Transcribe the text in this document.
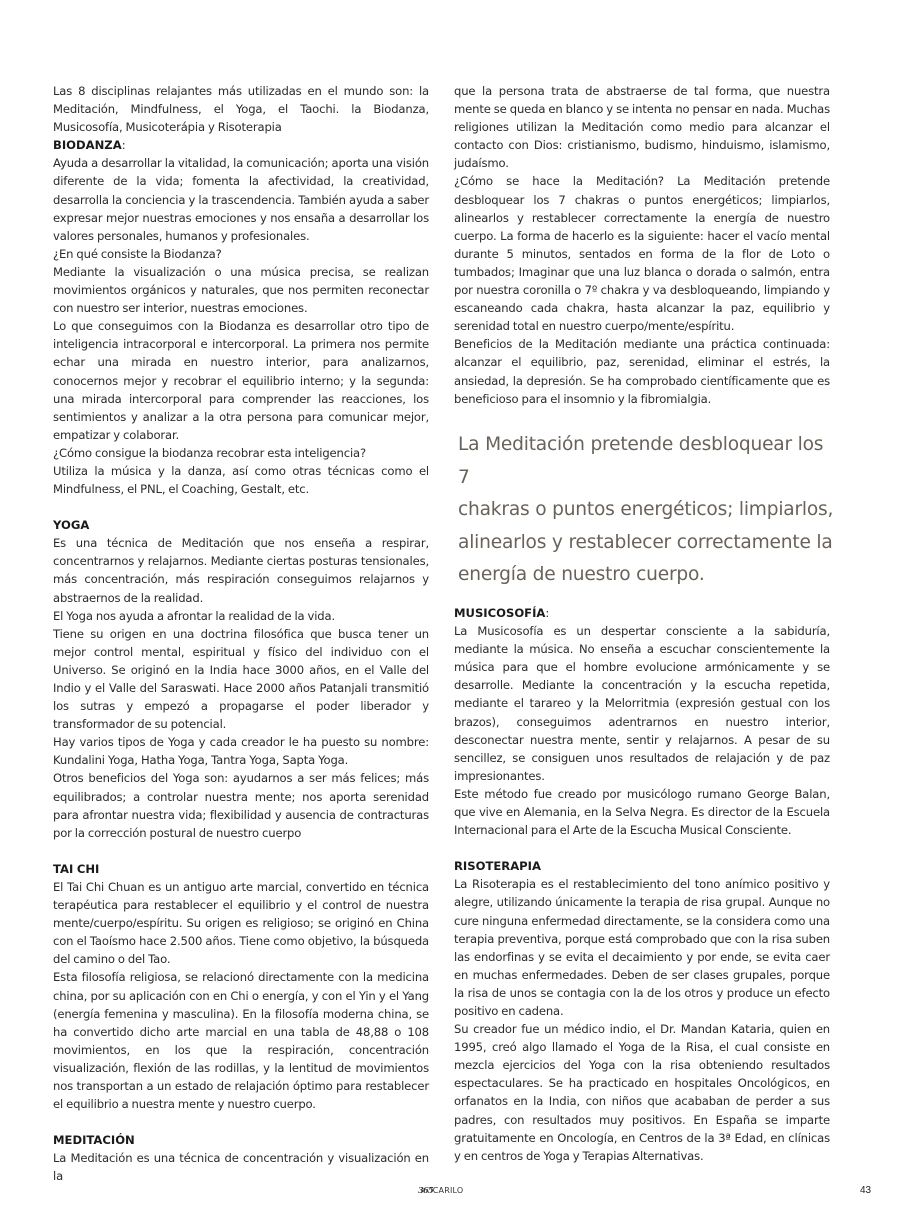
Las 8 disciplinas relajantes más utilizadas en el mundo son: la Meditación, Mindfulness, el Yoga, el Taochi. la Biodanza, Musicosofía, Musicoterápia y Risoterapia

BIODANZA:

Ayuda a desarrollar la vitalidad, la comunicación; aporta una visión diferente de la vida; fomenta la afectividad, la creatividad, desarrolla la conciencia y la trascendencia. También ayuda a saber expresar mejor nuestras emociones y nos ensaña a desarrollar los valores personales, humanos y profesionales.

¿En qué consiste la Biodanza?

Mediante la visualización o una música precisa, se realizan movimientos orgánicos y naturales, que nos permiten reconectar con nuestro ser interior, nuestras emociones.

Lo que conseguimos con la Biodanza es desarrollar otro tipo de inteligencia intracorporal e intercorporal. La primera nos permite echar una mirada en nuestro interior, para analizarnos, conocernos mejor y recobrar el equilibrio interno; y la segunda: una mirada intercorporal para comprender las reacciones, los sentimientos y analizar a la otra persona para comunicar mejor, empatizar y colaborar.

¿Cómo consigue la biodanza recobrar esta inteligencia?

Utiliza la música y la danza, así como otras técnicas como el Mindfulness, el PNL, el Coaching, Gestalt, etc.

YOGA

Es una técnica de Meditación que nos enseña a respirar, concentrarnos y relajarnos. Mediante ciertas posturas tensionales, más concentración, más respiración conseguimos relajarnos y abstraernos de la realidad.

El Yoga nos ayuda a afrontar la realidad de la vida.

Tiene su origen en una doctrina filosófica que busca tener un mejor control mental, espiritual y físico del individuo con el Universo. Se originó en la India hace 3000 años, en el Valle del Indio y el Valle del Saraswati. Hace 2000 años Patanjali transmitió los sutras y empezó a propagarse el poder liberador y transformador de su potencial.

Hay varios tipos de Yoga y cada creador le ha puesto su nombre: Kundalini Yoga, Hatha Yoga, Tantra Yoga, Sapta Yoga.

Otros beneficios del Yoga son: ayudarnos a ser más felices; más equilibrados; a controlar nuestra mente; nos aporta serenidad para afrontar nuestra vida; flexibilidad y ausencia de contracturas por la corrección postural de nuestro cuerpo

TAI CHI

El Tai Chi Chuan es un antiguo arte marcial, convertido en técnica terapéutica para restablecer el equilibrio y el control de nuestra mente/cuerpo/espíritu. Su origen es religioso; se originó en China con el Taoísmo hace 2.500 años. Tiene como objetivo, la búsqueda del camino o del Tao.

Esta filosofía religiosa, se relacionó directamente con la medicina china, por su aplicación con en Chi o energía, y con el Yin y el Yang (energía femenina y masculina). En la filosofía moderna china, se ha convertido dicho arte marcial en una tabla de 48,88 o 108 movimientos, en los que la respiración, concentración visualización, flexión de las rodillas, y la lentitud de movimientos nos transportan a un estado de relajación óptimo para restablecer el equilibrio a nuestra mente y nuestro cuerpo.

MEDITACIÓN

La Meditación es una técnica de concentración y visualización en la

que la persona trata de abstraerse de tal forma, que nuestra mente se queda en blanco y se intenta no pensar en nada. Muchas religiones utilizan la Meditación como medio para alcanzar el contacto con Dios: cristianismo, budismo, hinduismo, islamismo, judaísmo.

¿Cómo se hace la Meditación? La Meditación pretende desbloquear los 7 chakras o puntos energéticos; limpiarlos, alinearlos y restablecer correctamente la energía de nuestro cuerpo. La forma de hacerlo es la siguiente: hacer el vacío mental durante 5 minutos, sentados en forma de la flor de Loto o tumbados; Imaginar que una luz blanca o dorada o salmón, entra por nuestra coronilla o 7º chakra y va desbloqueando, limpiando y escaneando cada chakra, hasta alcanzar la paz, equilibrio y serenidad total en nuestro cuerpo/mente/espíritu.

Beneficios de la Meditación mediante una práctica continuada: alcanzar el equilibrio, paz, serenidad, eliminar el estrés, la ansiedad, la depresión. Se ha comprobado científicamente que es beneficioso para el insomnio y la fibromialgia.

La Meditación pretende desbloquear los 7
chakras o puntos energéticos; limpiarlos,
alinearlos y restablecer correctamente la
energía de nuestro cuerpo.

MUSICOSOFÍA:

La Musicosofía es un despertar consciente a la sabiduría, mediante la música. No enseña a escuchar conscientemente la música para que el hombre evolucione armónicamente y se desarrolle. Mediante la concentración y la escucha repetida, mediante el tarareo y la Melorritmia (expresión gestual con los brazos), conseguimos adentrarnos en nuestro interior, desconectar nuestra mente, sentir y relajarnos. A pesar de su sencillez, se consiguen unos resultados de relajación y de paz impresionantes.

Este método fue creado por musicólogo rumano George Balan, que vive en Alemania, en la Selva Negra. Es director de la Escuela Internacional para el Arte de la Escucha Musical Consciente.

RISOTERAPIA

La Risoterapia es el restablecimiento del tono anímico positivo y alegre, utilizando únicamente la terapia de risa grupal. Aunque no cure ninguna enfermedad directamente, se la considera como una terapia preventiva, porque está comprobado que con la risa suben las endorfinas y se evita el decaimiento y por ende, se evita caer en muchas enfermedades. Deben de ser clases grupales, porque la risa de unos se contagia con la de los otros y produce un efecto positivo en cadena.

Su creador fue un médico indio, el Dr. Mandan Kataria, quien en 1995, creó algo llamado el Yoga de la Risa, el cual consiste en mezcla ejercicios del Yoga con la risa obteniendo resultados espectaculares. Se ha practicado en hospitales Oncológicos, en orfanatos en la India, con niños que acababan de perder a sus padres, con resultados muy positivos. En España se imparte gratuitamente en Oncología, en Centros de la 3ª Edad, en clínicas y en centros de Yoga y Terapias Alternativas.

365CARILO	43
